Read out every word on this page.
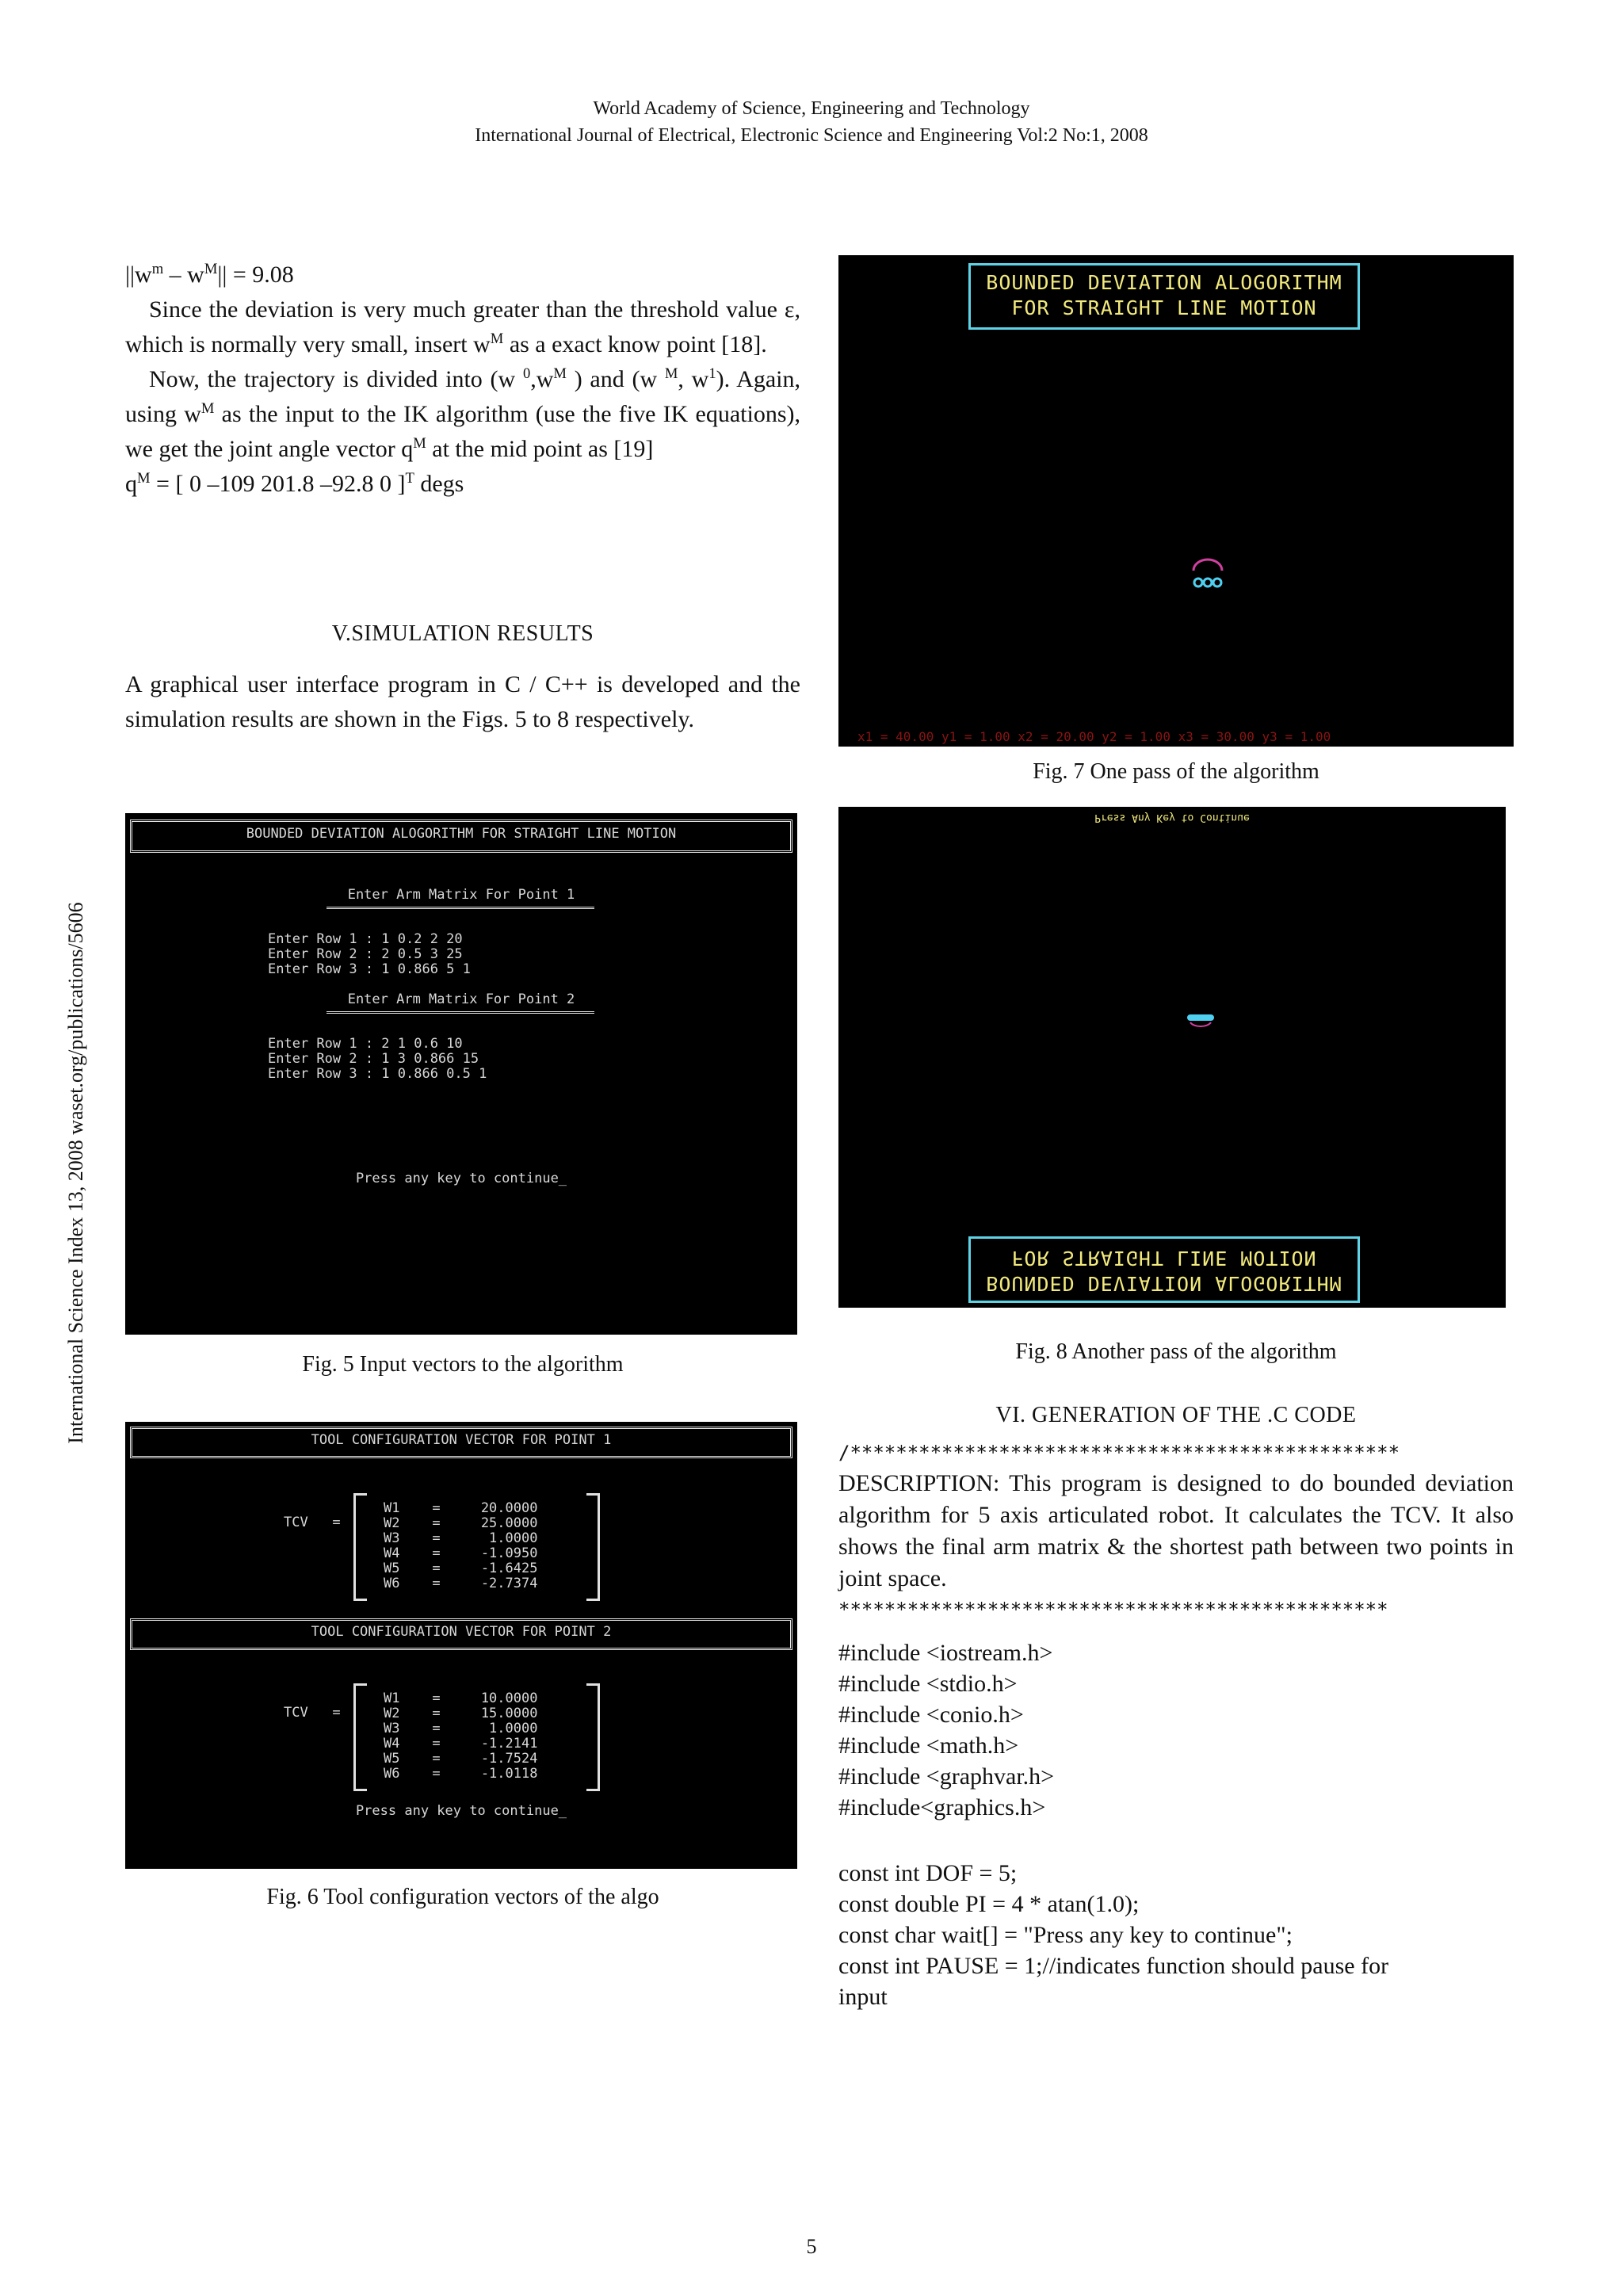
World Academy of Science, Engineering and Technology
International Journal of Electrical, Electronic Science and Engineering Vol:2 No:1, 2008
International Science Index 13, 2008 waset.org/publications/5606
$||w^m - w^M|| = 9.08$
Since the deviation is very much greater than the threshold value ε, which is normally very small, insert $w^M$ as a exact know point [18].
Now, the trajectory is divided into (w $^0,w^M$ ) and (w $^M$, $w^1$). Again, using $w^M$ as the input to the IK algorithm (use the five IK equations), we get the joint angle vector $q^M$ at the mid point as [19]
$q^M$ = [ 0 –109 201.8 –92.8 0 ]$^T$ degs
V.SIMULATION RESULTS
A graphical user interface program in C / C++ is developed and the simulation results are shown in the Figs. 5 to 8 respectively.
BOUNDED DEVIATION ALOGORITHM FOR STRAIGHT LINE MOTION
Enter Arm Matrix For Point 1
Enter Row 1 : 1 0.2 2 20
Enter Row 2 : 2 0.5 3 25
Enter Row 3 : 1 0.866 5 1
Enter Arm Matrix For Point 2
Enter Row 1 : 2 1 0.6 10
Enter Row 2 : 1 3 0.866 15
Enter Row 3 : 1 0.866 0.5 1
Press any key to continue_
Fig. 5 Input vectors to the algorithm
TOOL CONFIGURATION VECTOR FOR POINT 1
TCV   =
W1    =     20.0000
W2    =     25.0000
W3    =      1.0000
W4    =     -1.0950
W5    =     -1.6425
W6    =     -2.7374
TOOL CONFIGURATION VECTOR FOR POINT 2
TCV   =
W1    =     10.0000
W2    =     15.0000
W3    =      1.0000
W4    =     -1.2141
W5    =     -1.7524
W6    =     -1.0118
Press any key to continue_
Fig. 6 Tool configuration vectors of the algo
BOUNDED DEVIATION ALOGORITHM
FOR STRAIGHT LINE MOTION
x1 = 40.00 y1 = 1.00 x2 = 20.00 y2 = 1.00 x3 = 30.00 y3 = 1.00
Fig. 7 One pass of the algorithm
Press Any Key to Continue
BOUNDED DEVIATION ALOGORITHM
FOR STRAIGHT LINE MOTION
Fig. 8 Another pass of the algorithm
VI. GENERATION OF THE .C CODE
/************************************************
DESCRIPTION: This program is designed to do bounded deviation algorithm for 5 axis articulated robot. It calculates the TCV. It also shows the final arm matrix & the shortest path between two points in joint space.
************************************************
#include <iostream.h>
#include <stdio.h>
#include <conio.h>
#include <math.h>
#include <graphvar.h>
#include<graphics.h>
const int DOF = 5;
const double PI = 4 * atan(1.0);
const char wait[] = "Press any key to continue";
const int PAUSE = 1;//indicates function should pause for
input
5
